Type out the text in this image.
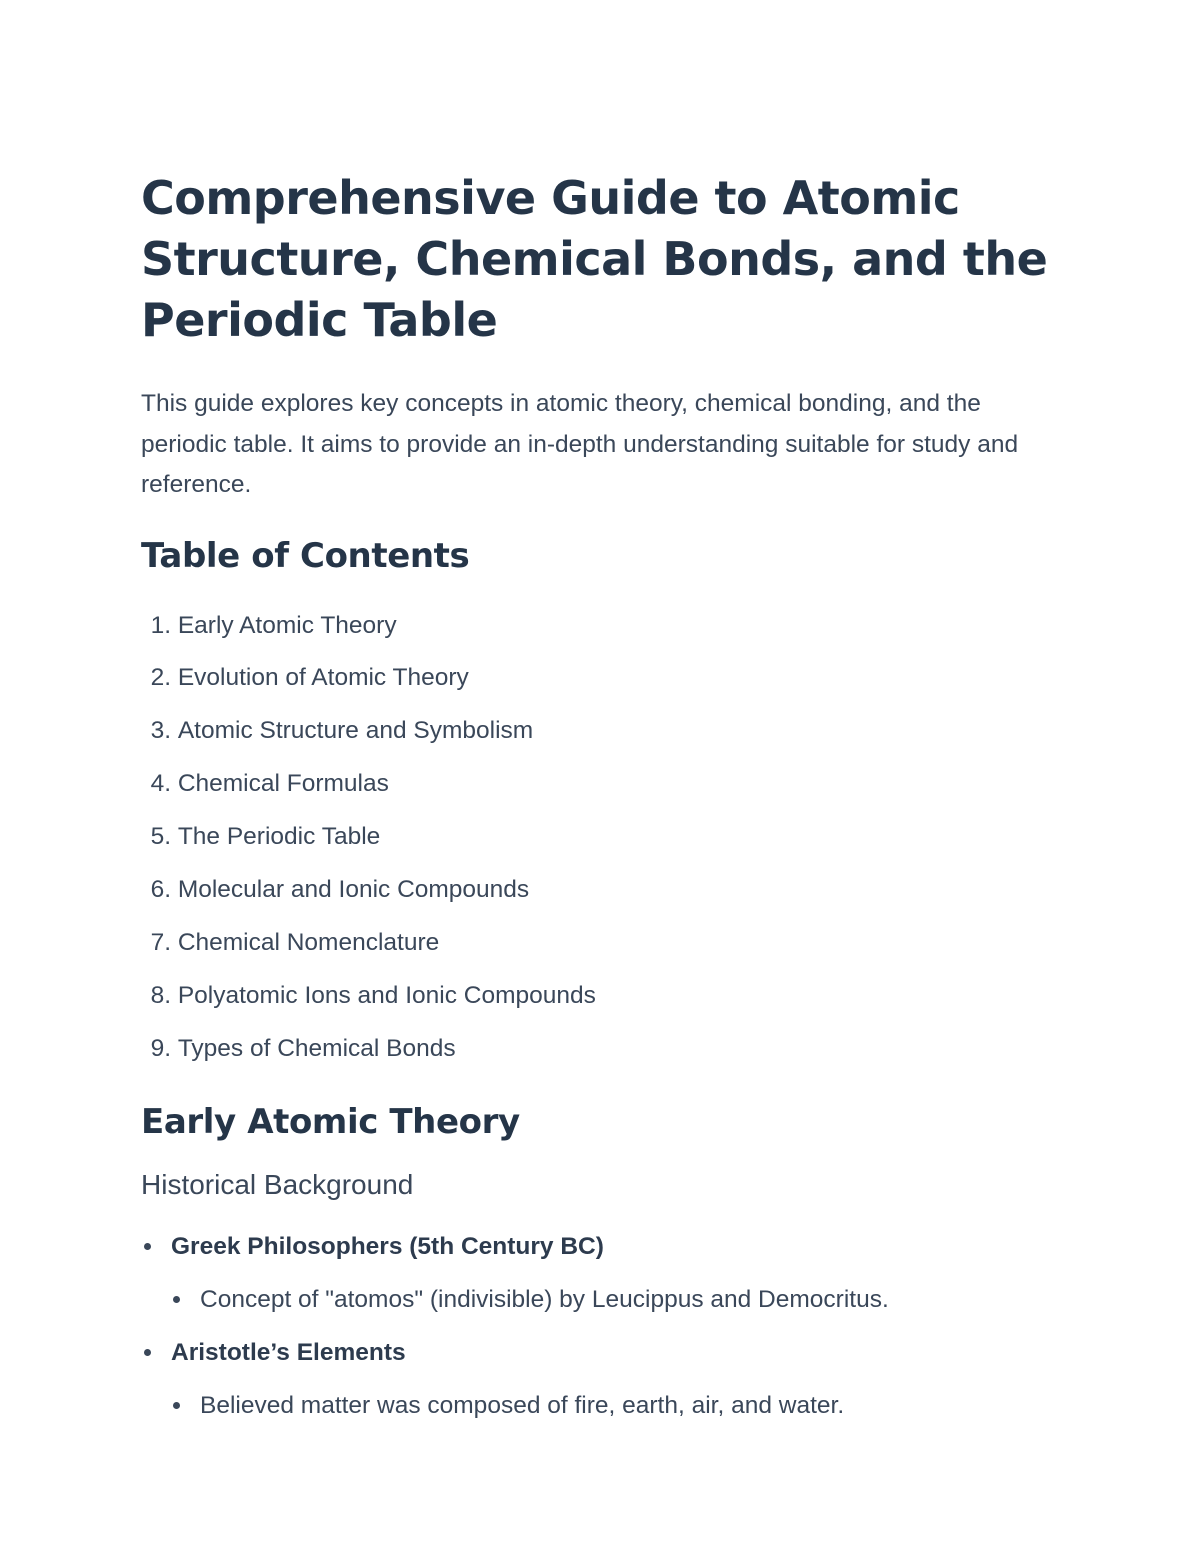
Comprehensive Guide to Atomic Structure, Chemical Bonds, and the Periodic Table

This guide explores key concepts in atomic theory, chemical bonding, and the periodic table. It aims to provide an in-depth understanding suitable for study and reference.

Table of Contents
1.
Early Atomic Theory
2.
Evolution of Atomic Theory
3.
Atomic Structure and Symbolism
4.
Chemical Formulas
5.
The Periodic Table
6.
Molecular and Ionic Compounds
7.
Chemical Nomenclature
8.
Polyatomic Ions and Ionic Compounds
9.
Types of Chemical Bonds
Early Atomic Theory
Historical Background
Greek Philosophers (5th Century BC)
Concept of "atomos" (indivisible) by Leucippus and Democritus.
Aristotle’s Elements
Believed matter was composed of fire, earth, air, and water.
